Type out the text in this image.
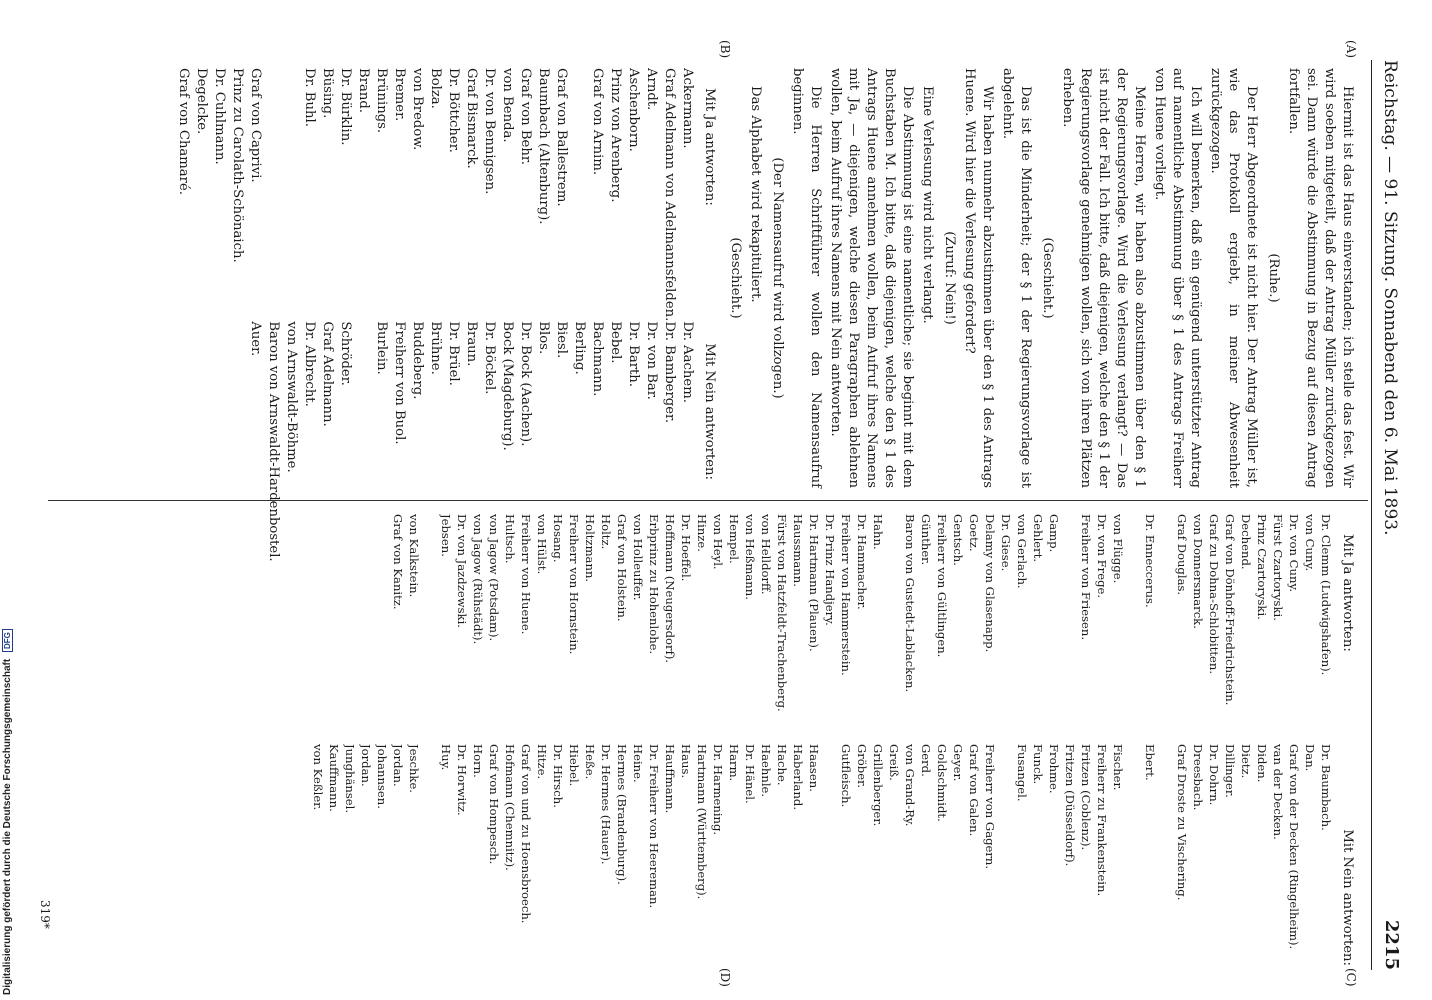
Reichstag. — 91. Sitzung. Sonnabend den 6. Mai 1893.
2215
(A)
(B)
(C)
(D)

Hiermit ist das Haus einverstanden; ich stelle das fest. Wir wird soeben mitgeteilt, daß der Antrag Müller zurückgezogen sei. Dann würde die Abstimmung in Bezug auf diesen Antrag fortfallen.

(Ruhe.)

Der Herr Abgeordnete ist nicht hier. Der Antrag Müller ist, wie das Protokoll ergiebt, in meiner Abwesenheit zurückgezogen.

Ich will bemerken, daß ein genügend unterstützter Antrag auf namentliche Abstimmung über § 1 des Antrags Freiherr von Huene vorliegt.

Meine Herren, wir haben also abzustimmen über den § 1 der Regierungsvorlage. Wird die Verlesung verlangt? — Das ist nicht der Fall. Ich bitte, daß diejenigen, welche den § 1 der Regierungsvorlage genehmigen wollen, sich von ihren Plätzen erheben.

(Geschieht.)

Das ist die Minderheit; der § 1 der Regierungsvorlage ist abgelehnt.

Wir haben nunmehr abzustimmen über den § 1 des Antrags Huene. Wird hier die Verlesung gefordert?

(Zuruf: Nein!)

Eine Verlesung wird nicht verlangt.

Die Abstimmung ist eine namentliche; sie beginnt mit dem Buchstaben M. Ich bitte, daß diejenigen, welche den § 1 des Antrags Huene annehmen wollen, beim Aufruf ihres Namens mit Ja, — diejenigen, welche diesen Paragraphen ablehnen wollen, beim Aufruf ihres Namens mit Nein antworten.

Die Herren Schriftführer wollen den Namensaufruf beginnen.

(Der Namensaufruf wird vollzogen.)

Das Alphabet wird rekapituliert.

(Geschieht.)

Mit Ja antworten:
Mit Nein antworten:
Ackermann.
Graf Adelmann von Adelmannsfelden.
Arndt.
Aschenborn.
Prinz von Arenberg.
Graf von Arnim.

Graf von Ballestrem.
Baumbach (Altenburg).
Graf von Behr.
von Benda.
Dr. von Bennigsen.
Graf Bismarck.
Dr. Böttcher.
Bolza.
von Bredow.
Bremer.
Brünings.
Brand.
Dr. Bürklin.
Büsing.
Dr. Buhl.

Graf von Caprivi.
Prinz zu Carolath-Schönaich.
Dr. Cuhlmann.
Degelcke.
Graf von Chamaré.
Dr. Aachem.
Dr. Bamberger.
Dr. von Bar.
Dr. Barth.
Bebel.
Bachmann.
Berling.
Biesl.
Blos.
Dr. Bock (Aachen).
Bock (Magdeburg).
Dr. Böckel.
Braun.
Dr. Brüel.
Brühne.
Buddeberg.
Freiherr von Buol.
Burlein.

Schröder.
Graf Adelmann.
Dr. Albrecht.
von Arnswaldt-Böhme.
Baron von Arnswaldt-Hardenbostel.
Auer.
Mit Ja antworten:
Mit Nein antworten:
Dr. Clemm (Ludwigshafen).
von Cuny.
Dr. von Cuny.
Fürst Czartoryski.
Prinz Czartoryski.
Dechend.
Graf von Dönhoff-Friedrichstein.
Graf zu Dohna-Schlobitten.
von Donnersmarck.
Graf Douglas.

Dr. Enneccerus.

von Flügge.
Dr. von Frege.
Freiherr von Friesen.

Gamp.
Gehlert.
von Gerlach.
Dr. Giese.
Delamy von Glasenapp.
Goetz.
Gentsch.
Freiherr von Gültlingen.
Günther.
Baron von Gustedt-Lablacken.

Hahn.
Dr. Hammacher.
Freiherr von Hammerstein.
Dr. Prinz Handjery.
Dr. Hartmann (Plauen).
Haussmann.
Fürst von Hatzfeldt-Trachenberg.
von Helldorff.
von Heßmann.
Hempel.
von Heyl.
Hinze.
Dr. Hoeffel.
Hoffmann (Neugersdorf).
Erbprinz zu Hohenlohe.
von Holleuffer.
Graf von Holstein.
Holtz.
Holtzmann.
Freiherr von Hornstein.
Hosang.
von Hülst.
Freiherr von Huene.
Hultsch.
von Jagow (Potsdam).
von Jagow (Rühstädt).
Dr. von Jazdzewski.
Jebsen.

von Kalkstein.
Graf von Kanitz.
Dr. Baumbach.
Dan.
Graf von der Decken (Ringelheim).
van der Decken.
Diden.
Dietz.
Dillinger.
Dr. Dohrn.
Dreesbach.
Graf Droste zu Vischering.

Ebert.

Fischer.
Freiherr zu Frankenstein.
Fritzen (Coblenz).
Fritzen (Düsseldorf).
Frohme.
Funck.
Fusangel.

Freiherr von Gagern.
Graf von Galen.
Geyer.
Goldschmidt.
Gerd.
von Grand-Ry.
Greiß.
Grillenberger.
Gröber.
Gutfleisch.

Haasen.
Haberland.
Hache.
Haehnle.
Dr. Hänel.
Harm.
Dr. Harmening.
Hartmann (Württemberg).
Haus.
Hauffmann.
Dr. Freiherr von Heereman.
Heine.
Hermes (Brandenburg).
Dr. Hermes (Hauer).
Heße.
Hiebel.
Dr. Hirsch.
Hitze.
Graf von und zu Hoensbroech.
Hofmann (Chemnitz).
Graf von Hompesch.
Horn.
Dr. Horwitz.
Huy.

Jeschke.
Jordan.
Johannsen.
Jordan.
Junghänsel.
Kauffmann.
von Keßler.
319*
Digitalisierung gefördert durch die Deutsche Forschungsgemeinschaft DFG
